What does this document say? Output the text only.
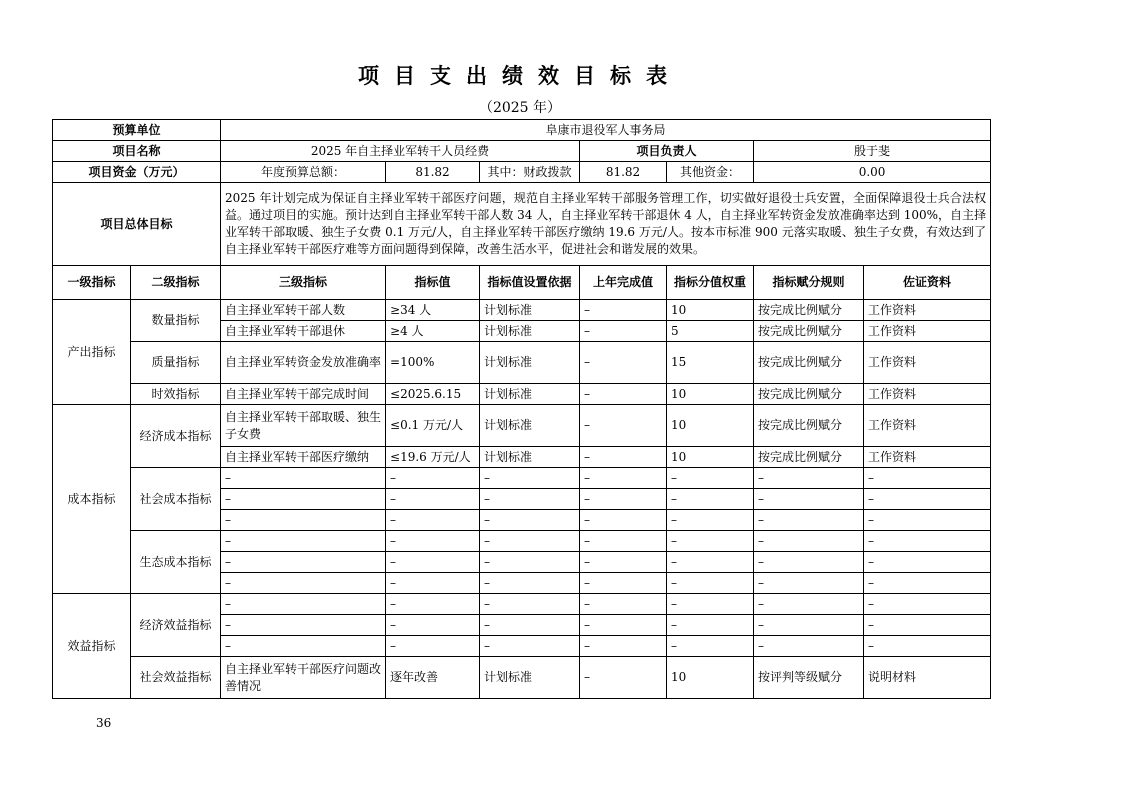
项目支出绩效目标表
（2025 年）
预算单位		阜康市退役军人事务局						
项目名称		2025 年自主择业军转干人员经费			项目负责人		殷于斐	
项目资金（万元）		年度预算总额：	81.82	其中：财政拨款	81.82	其他资金：	0.00	
项目总体目标		2025 年计划完成为保证自主择业军转干部医疗问题，规范自主择业军转干部服务管理工作，切实做好退役士兵安置，全面保障退役士兵合法权益。通过项目的实施。预计达到自主择业军转干部人数 34 人，自主择业军转干部退休 4 人，自主择业军转资金发放准确率达到 100%，自主择业军转干部取暖、独生子女费 0.1 万元/人，自主择业军转干部医疗缴纳 19.6 万元/人。按本市标准 900 元落实取暖、独生子女费，有效达到了自主择业军转干部医疗难等方面问题得到保障，改善生活水平，促进社会和谐发展的效果。						
一级指标	二级指标	三级指标	指标值	指标值设置依据	上年完成值	指标分值权重	指标赋分规则	佐证资料
产出指标	数量指标	自主择业军转干部人数	≥34 人	计划标准	–	10	按完成比例赋分	工作资料
		自主择业军转干部退休	≥4 人	计划标准	–	5	按完成比例赋分	工作资料
	质量指标	自主择业军转资金发放准确率	=100%	计划标准	–	15	按完成比例赋分	工作资料
	时效指标	自主择业军转干部完成时间	≤2025.6.15	计划标准	–	10	按完成比例赋分	工作资料
成本指标	经济成本指标	自主择业军转干部取暖、独生子女费	≤0.1 万元/人	计划标准	–	10	按完成比例赋分	工作资料
		自主择业军转干部医疗缴纳	≤19.6 万元/人	计划标准	–	10	按完成比例赋分	工作资料
	社会成本指标	–	–	–	–	–	–	–
		–	–	–	–	–	–	–
		–	–	–	–	–	–	–
	生态成本指标	–	–	–	–	–	–	–
		–	–	–	–	–	–	–
		–	–	–	–	–	–	–
效益指标	经济效益指标	–	–	–	–	–	–	–
		–	–	–	–	–	–	–
		–	–	–	–	–	–	–
	社会效益指标	自主择业军转干部医疗问题改善情况	逐年改善	计划标准	–	10	按评判等级赋分	说明材料
36
